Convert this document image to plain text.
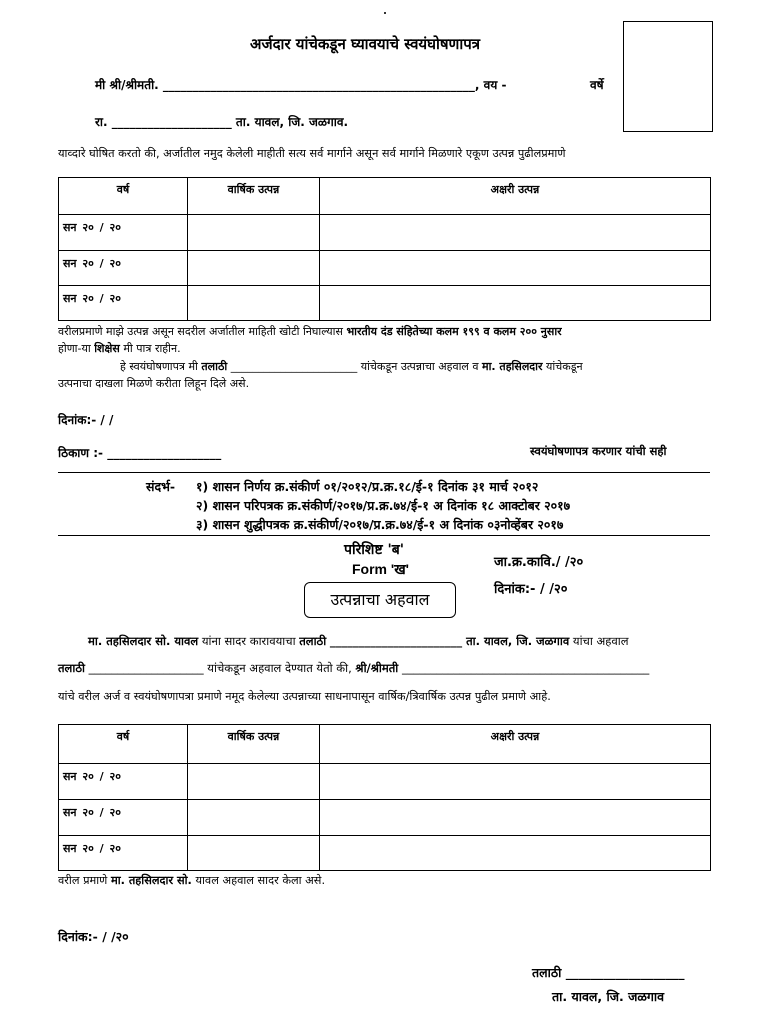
अर्जदार यांचेकडून घ्यावयाचे स्वयंघोषणापत्र
मी श्री/श्रीमती. ____________________________________________________, वय -	वर्षे
रा. ____________________ ता. यावल, जि. जळगाव.
याव्दारे घोषित करतो की, अर्जातील नमुद केलेली माहीती सत्य सर्व मार्गाने असून सर्व मार्गाने मिळणारे एकूण उत्पन्न पुढीलप्रमाणे
वर्ष	वार्षिक उत्पन्न	अक्षरी उत्पन्न
सन २० / २०		
सन २० / २०		
सन २० / २०		
वरीलप्रमाणे माझे उत्पन्न असून सदरील अर्जातील माहिती खोटी निघाल्यास भारतीय दंड संहितेच्या कलम १९९ व कलम २०० नुसार
होणा-या शिक्षेस मी पात्र राहीन.
हे स्वयंघोषणापत्र मी तलाठी _______________________ यांचेकडून उत्पन्नाचा अहवाल व मा. तहसिलदार यांचेकडून
उत्पनाचा दाखला मिळणे करीता लिहून दिले असे.
दिनांक:- / /
ठिकाण :- ___________________	स्वयंघोषणापत्र करणार यांची सही
संदर्भ- १) शासन निर्णय क्र.संकीर्ण ०१/२०१२/प्र.क्र.१८/ई-१ दिनांक ३१ मार्च २०१२
२) शासन परिपत्रक क्र.संकीर्ण/२०१७/प्र.क्र.७४/ई-१ अ दिनांक १८ आक्टोबर २०१७
३) शासन शुद्धीपत्रक क्र.संकीर्ण/२०१७/प्र.क्र.७४/ई-१ अ दिनांक ०३नोव्हेंबर २०१७
परिशिष्ट 'ब'
Form 'ख'	जा.क्र.कावि./ /२०
दिनांक:- / /२०
उत्पन्नाचा अहवाल
मा. तहसिलदार सो. यावल यांना सादर कारावयाचा तलाठी _______________________ ता. यावल, जि. जळगाव यांचा अहवाल
तलाठी ____________________ यांचेकडून अहवाल देण्यात येतो की, श्री/श्रीमती ___________________________________________
यांचे वरील अर्ज व स्वयंघोषणापत्रा प्रमाणे नमूद केलेल्या उत्पन्नाच्या साधनापासून वार्षिक/त्रिवार्षिक उत्पन्न पुढील प्रमाणे आहे.
वर्ष	वार्षिक उत्पन्न	अक्षरी उत्पन्न
सन २० / २०		
सन २० / २०		
सन २० / २०		
वरील प्रमाणे मा. तहसिलदार सो. यावल अहवाल सादर केला असे.
दिनांक:- / /२०
तलाठी ___________________
ता. यावल, जि. जळगाव
